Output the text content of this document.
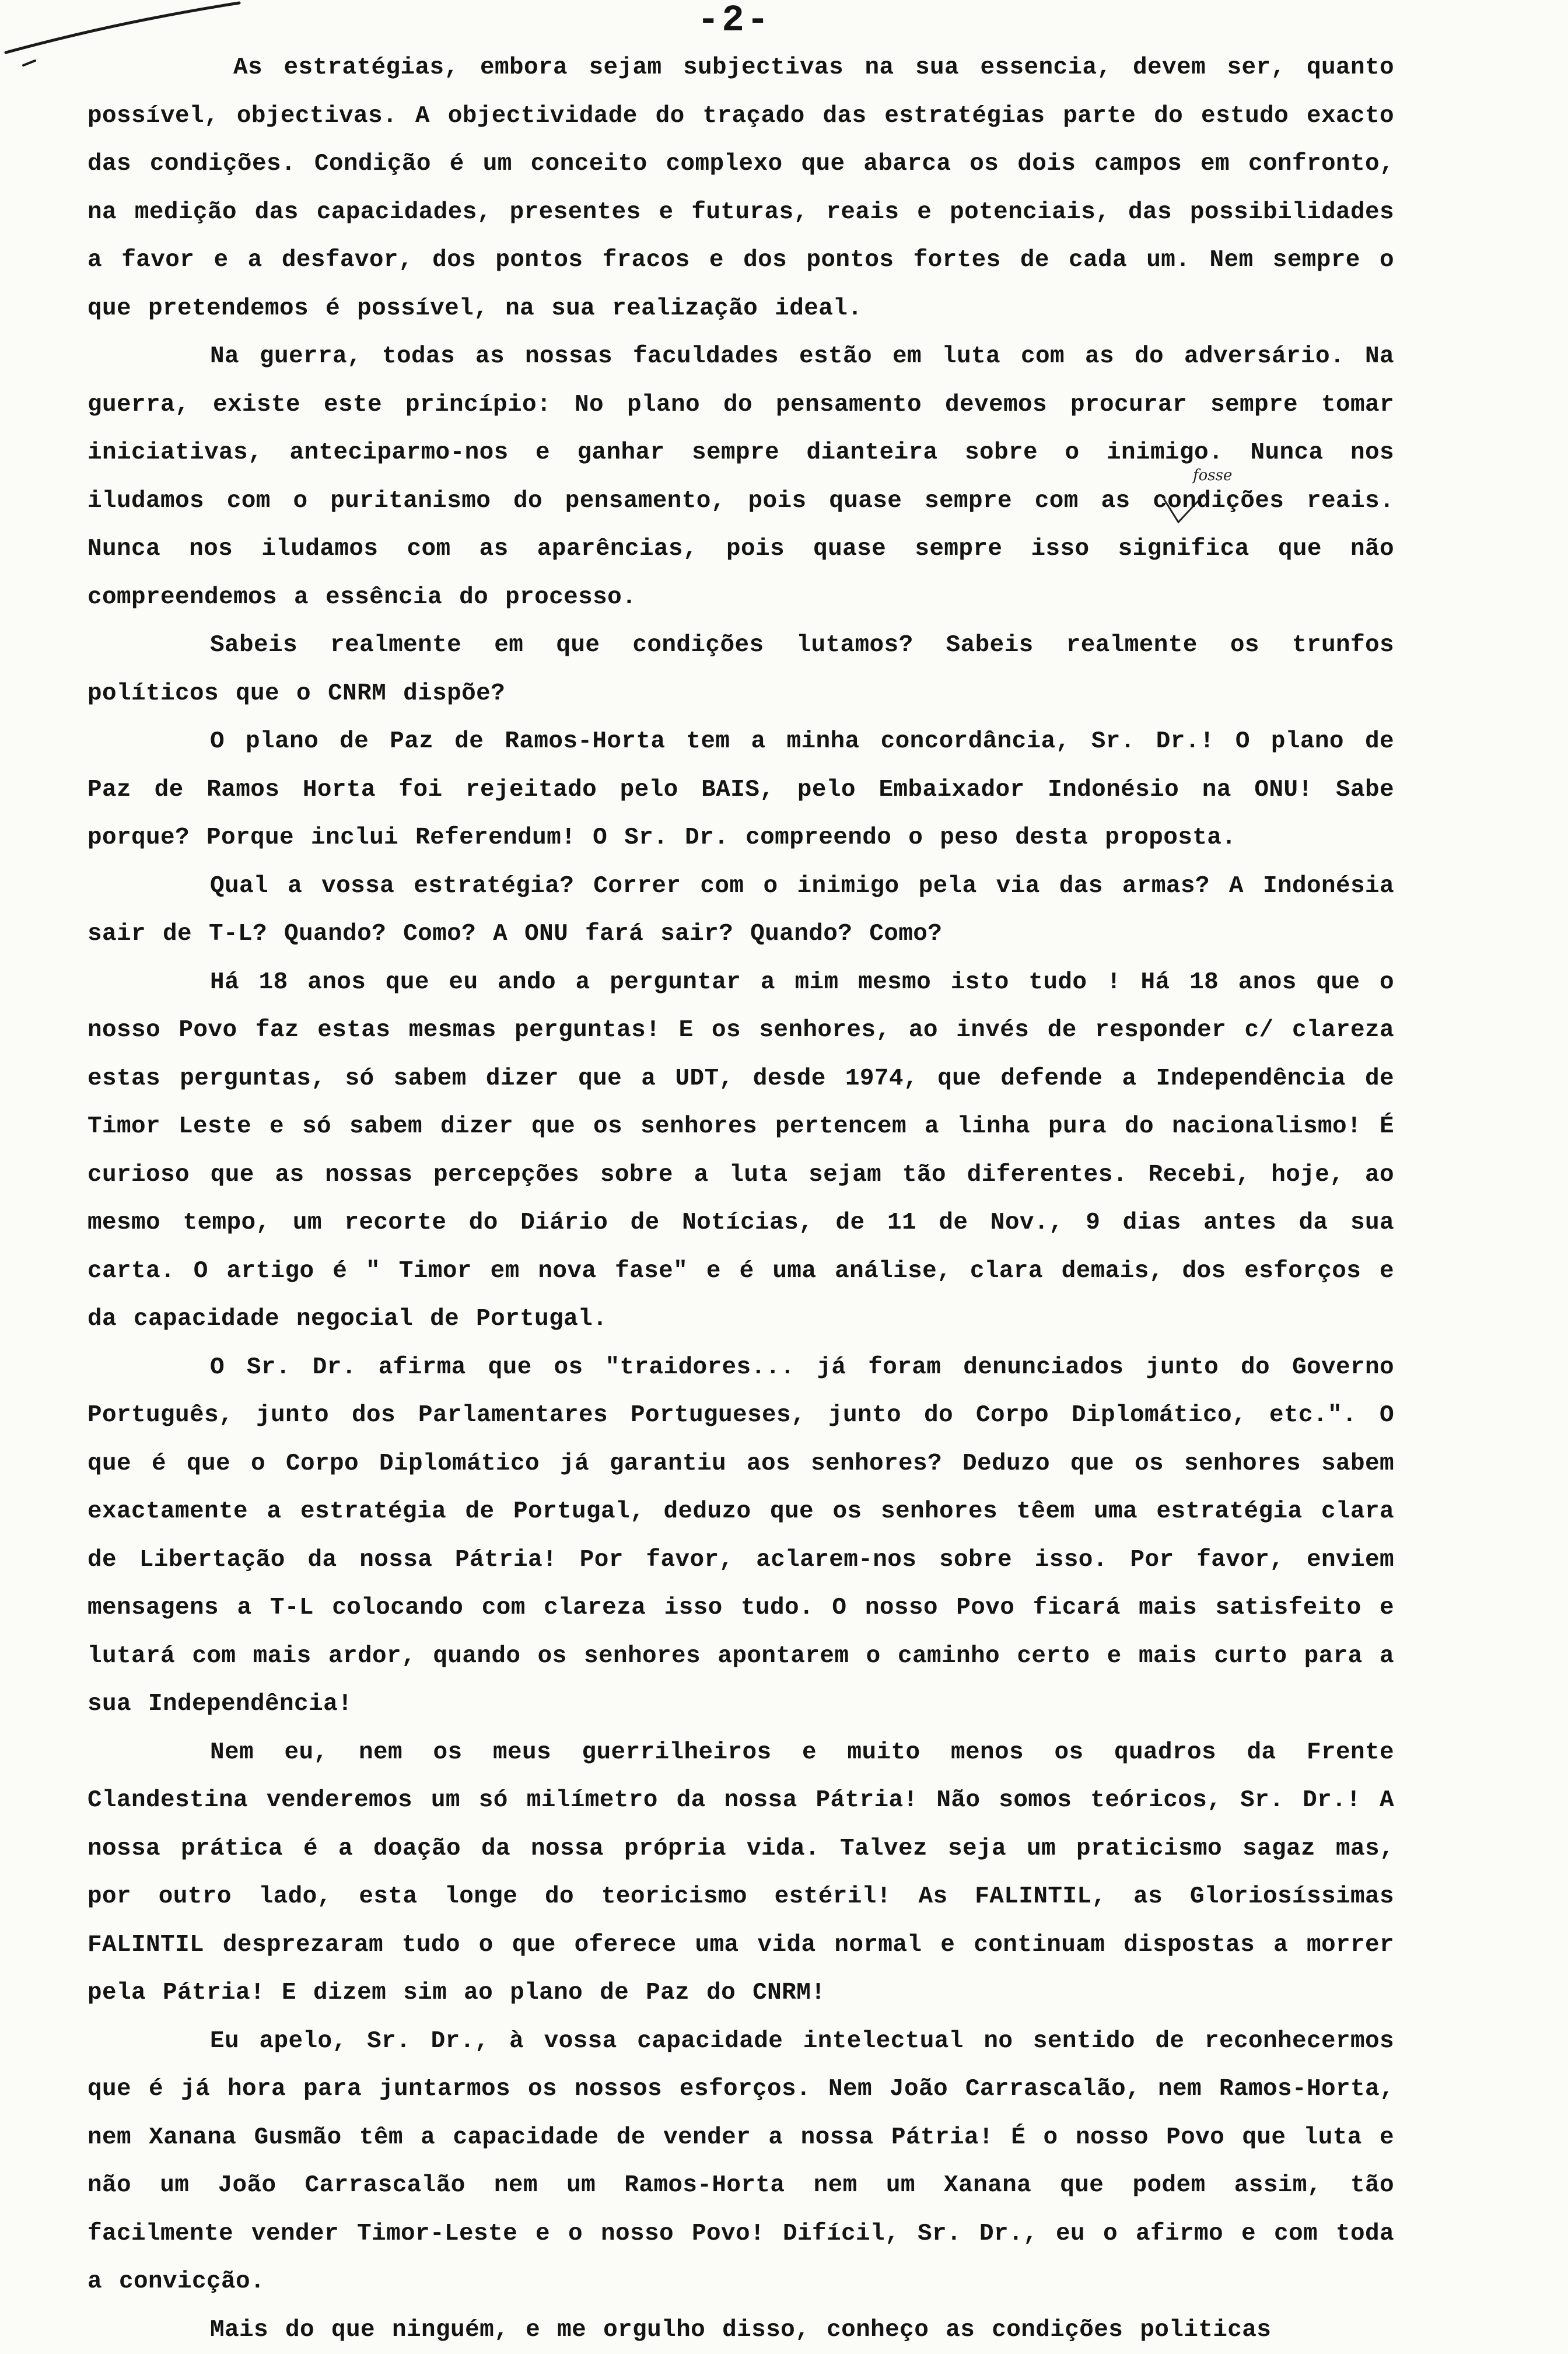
-2-
fosse

As estratégias, embora sejam subjectivas na sua essencia, devem ser, quanto possível, objectivas. A objectividade do traçado das estratégias parte do estudo exacto das condições. Condição é um conceito complexo que abarca os dois campos em confronto, na medição das capacidades, presentes e futuras, reais e potenciais, das possibilidades a favor e a desfavor, dos pontos fracos e dos pontos fortes de cada um. Nem sempre o que pretendemos é possível, na sua realização ideal.

Na guerra, todas as nossas faculdades estão em luta com as do adversário. Na guerra, existe este princípio: No plano do pensamento devemos procurar sempre tomar iniciativas, anteciparmo-nos e ganhar sempre dianteira sobre o inimigo. Nunca nos iludamos com o puritanismo do pensamento, pois quase sempre com as condições reais. Nunca nos iludamos com as aparências, pois quase sempre isso significa que não compreendemos a essência do processo.

Sabeis realmente em que condições lutamos? Sabeis realmente os trunfos políticos que o CNRM dispõe?

O plano de Paz de Ramos-Horta tem a minha concordância, Sr. Dr.! O plano de Paz de Ramos Horta foi rejeitado pelo BAIS, pelo Embaixador Indonésio na ONU! Sabe porque? Porque inclui Referendum! O Sr. Dr. compreendo o peso desta proposta.

Qual a vossa estratégia? Correr com o inimigo pela via das armas? A Indonésia sair de T-L? Quando? Como? A ONU fará sair? Quando? Como?

Há 18 anos que eu ando a perguntar a mim mesmo isto tudo ! Há 18 anos que o nosso Povo faz estas mesmas perguntas! E os senhores, ao invés de responder c/ clareza estas perguntas, só sabem dizer que a UDT, desde 1974, que defende a Independência de Timor Leste e só sabem dizer que os senhores pertencem a linha pura do nacionalismo! É curioso que as nossas percepções sobre a luta sejam tão diferentes. Recebi, hoje, ao mesmo tempo, um recorte do Diário de Notícias, de 11 de Nov., 9 dias antes da sua carta. O artigo é " Timor em nova fase" e é uma análise, clara demais, dos esforços e da capacidade negocial de Portugal.

O Sr. Dr. afirma que os "traidores... já foram denunciados junto do Governo Português, junto dos Parlamentares Portugueses, junto do Corpo Diplomático, etc.". O que é que o Corpo Diplomático já garantiu aos senhores? Deduzo que os senhores sabem exactamente a estratégia de Portugal, deduzo que os senhores têem uma estratégia clara de Libertação da nossa Pátria! Por favor, aclarem-nos sobre isso. Por favor, enviem mensagens a T-L colocando com clareza isso tudo. O nosso Povo ficará mais satisfeito e lutará com mais ardor, quando os senhores apontarem o caminho certo e mais curto para a sua Independência!

Nem eu, nem os meus guerrilheiros e muito menos os quadros da Frente Clandestina venderemos um só milímetro da nossa Pátria! Não somos teóricos, Sr. Dr.! A nossa prática é a doação da nossa própria vida. Talvez seja um praticismo sagaz mas, por outro lado, esta longe do teoricismo estéril! As FALINTIL, as Gloriosíssimas FALINTIL desprezaram tudo o que oferece uma vida normal e continuam dispostas a morrer pela Pátria! E dizem sim ao plano de Paz do CNRM!

Eu apelo, Sr. Dr., à vossa capacidade intelectual no sentido de reconhecermos que é já hora para juntarmos os nossos esforços. Nem João Carrascalão, nem Ramos-Horta, nem Xanana Gusmão têm a capacidade de vender a nossa Pátria! É o nosso Povo que luta e não um João Carrascalão nem um Ramos-Horta nem um Xanana que podem assim, tão facilmente vender Timor-Leste e o nosso Povo! Difícil, Sr. Dr., eu o afirmo e com toda a convicção.

Mais do que ninguém, e me orgulho disso, conheço as condições politicas
